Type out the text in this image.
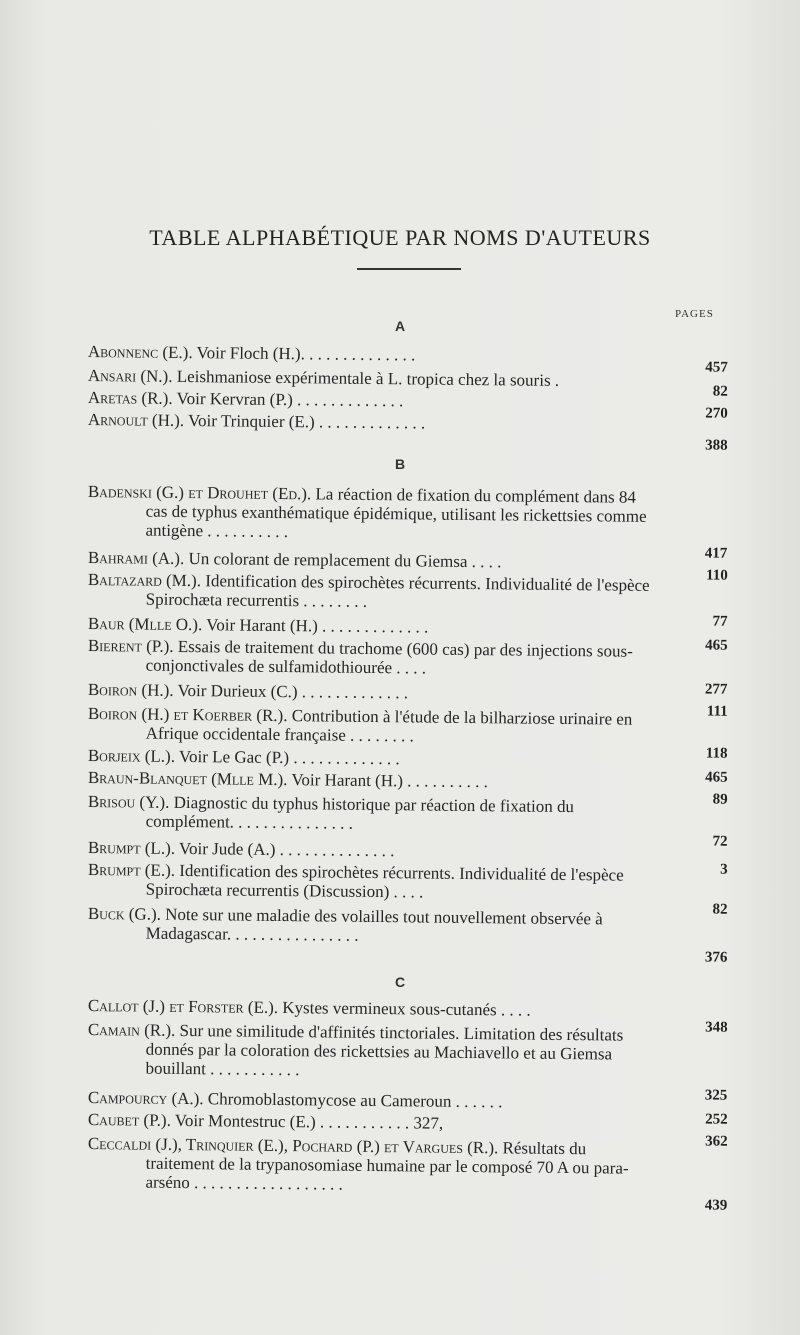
TABLE ALPHABÉTIQUE PAR NOMS D'AUTEURS
PAGES
A
Abonnenc (E.). Voir Floch (H.). . . . . . . . . . . . . .
457
Ansari (N.). Leishmaniose expérimentale à L. tropica chez la souris .
82
Aretas (R.). Voir Kervran (P.) . . . . . . . . . . . . .
270
Arnoult (H.). Voir Trinquier (E.) . . . . . . . . . . . . .
388
B
Badenski (G.) et Drouhet (Ed.). La réaction de fixation du complément dans 84 cas de typhus exanthématique épidémique, utilisant les rickettsies comme antigène . . . . . . . . . .
417
Bahrami (A.). Un colorant de remplacement du Giemsa . . . .
110
Baltazard (M.). Identification des spirochètes récurrents. Individualité de l'espèce Spirochæta recurrentis . . . . . . . .
77
Baur (Mlle O.). Voir Harant (H.) . . . . . . . . . . . . .
465
Bierent (P.). Essais de traitement du trachome (600 cas) par des injections sous-conjonctivales de sulfamidothiourée . . . .
277
Boiron (H.). Voir Durieux (C.) . . . . . . . . . . . . .
111
Boiron (H.) et Koerber (R.). Contribution à l'étude de la bilharziose urinaire en Afrique occidentale française . . . . . . . .
118
Borjeix (L.). Voir Le Gac (P.) . . . . . . . . . . . . .
465
Braun-Blanquet (Mlle M.). Voir Harant (H.) . . . . . . . . . .
89
Brisou (Y.). Diagnostic du typhus historique par réaction de fixation du complément. . . . . . . . . . . . . . .
72
Brumpt (L.). Voir Jude (A.) . . . . . . . . . . . . . .
3
Brumpt (E.). Identification des spirochètes récurrents. Individualité de l'espèce Spirochæta recurrentis (Discussion) . . . .
82
Buck (G.). Note sur une maladie des volailles tout nouvellement observée à Madagascar. . . . . . . . . . . . . . . .
376
C
Callot (J.) et Forster (E.). Kystes vermineux sous-cutanés . . . .
348
Camain (R.). Sur une similitude d'affinités tinctoriales. Limitation des résultats donnés par la coloration des rickettsies au Machiavello et au Giemsa bouillant . . . . . . . . . . .
325
Campourcy (A.). Chromoblastomycose au Cameroun . . . . . .
252
Caubet (P.). Voir Montestruc (E.) . . . . . . . . . . . 327,
362
Ceccaldi (J.), Trinquier (E.), Pochard (P.) et Vargues (R.). Résultats du traitement de la trypanosomiase humaine par le composé 70 A ou para-arséno . . . . . . . . . . . . . . . . . .
439
